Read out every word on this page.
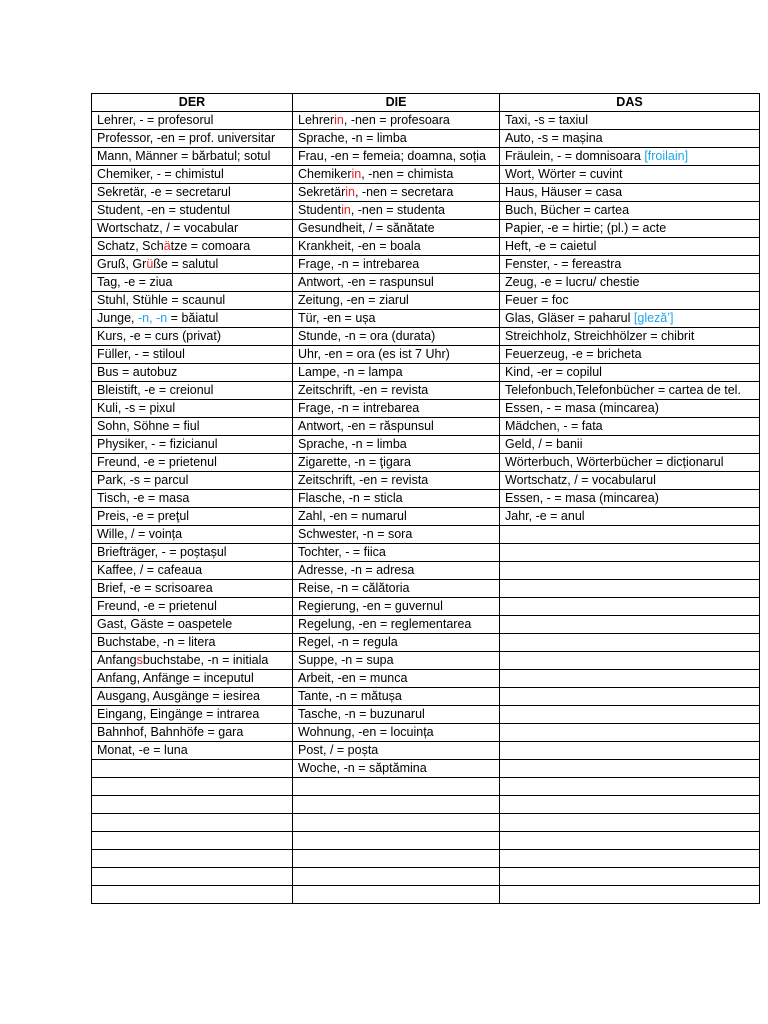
DER	DIE	DAS
Lehrer, - = profesorul	Lehrerin, -nen = profesoara	Taxi, -s = taxiul
Professor, -en = prof. universitar	Sprache, -n = limba	Auto, -s = mașina
Mann, Männer = bărbatul; sotul	Frau, -en = femeia; doamna, soția	Fräulein, - = domnisoara [froilain]
Chemiker, - = chimistul	Chemikerin, -nen = chimista	Wort, Wörter = cuvint
Sekretär, -e = secretarul	Sekretärin, -nen = secretara	Haus, Häuser = casa
Student, -en = studentul	Studentin, -nen = studenta	Buch, Bücher = cartea
Wortschatz, / = vocabular	Gesundheit, / = sănătate	Papier, -e = hirtie; (pl.) = acte
Schatz, Schätze = comoara	Krankheit, -en = boala	Heft, -e = caietul
Gruß, Grüße = salutul	Frage, -n = intrebarea	Fenster, - = fereastra
Tag, -e = ziua	Antwort, -en = raspunsul	Zeug, -e = lucru/ chestie
Stuhl, Stühle = scaunul	Zeitung, -en = ziarul	Feuer = foc
Junge, -n, -n = băiatul	Tür, -en = ușa	Glas, Gläser = paharul [glezăʼ]
Kurs, -e = curs (privat)	Stunde, -n = ora (durata)	Streichholz, Streichhölzer = chibrit
Füller, - = stiloul	Uhr, -en = ora (es ist 7 Uhr)	Feuerzeug, -e = bricheta
Bus = autobuz	Lampe, -n = lampa	Kind, -er = copilul
Bleistift, -e = creionul	Zeitschrift, -en = revista	Telefonbuch,Telefonbücher = cartea de tel.
Kuli, -s = pixul	Frage, -n = intrebarea	Essen, - = masa (mincarea)
Sohn, Söhne = fiul	Antwort, -en = răspunsul	Mädchen, - = fata
Physiker, - = fizicianul	Sprache, -n = limba	Geld, / = banii
Freund, -e = prietenul	Zigarette, -n = ţigara	Wörterbuch, Wörterbücher = dicționarul
Park, -s = parcul	Zeitschrift, -en = revista	Wortschatz, / = vocabularul
Tisch, -e = masa	Flasche, -n = sticla	Essen, - = masa (mincarea)
Preis, -e = preţul	Zahl, -en = numarul	Jahr, -e = anul
Wille, / = voința	Schwester, -n = sora	
Briefträger, - = poștașul	Tochter, - = fiica	
Kaffee, / = cafeaua	Adresse, -n = adresa	
Brief, -e = scrisoarea	Reise, -n = călătoria	
Freund, -e = prietenul	Regierung, -en = guvernul	
Gast, Gäste = oaspetele	Regelung, -en = reglementarea	
Buchstabe, -n = litera	Regel, -n = regula	
Anfangsbuchstabe, -n = initiala	Suppe, -n = supa	
Anfang, Anfänge = inceputul	Arbeit, -en = munca	
Ausgang, Ausgänge = iesirea	Tante, -n = mătușa	
Eingang, Eingänge = intrarea	Tasche, -n = buzunarul	
Bahnhof, Bahnhöfe = gara	Wohnung, -en = locuința	
Monat, -e = luna	Post, / = poșta	
	Woche, -n = săptămina	
